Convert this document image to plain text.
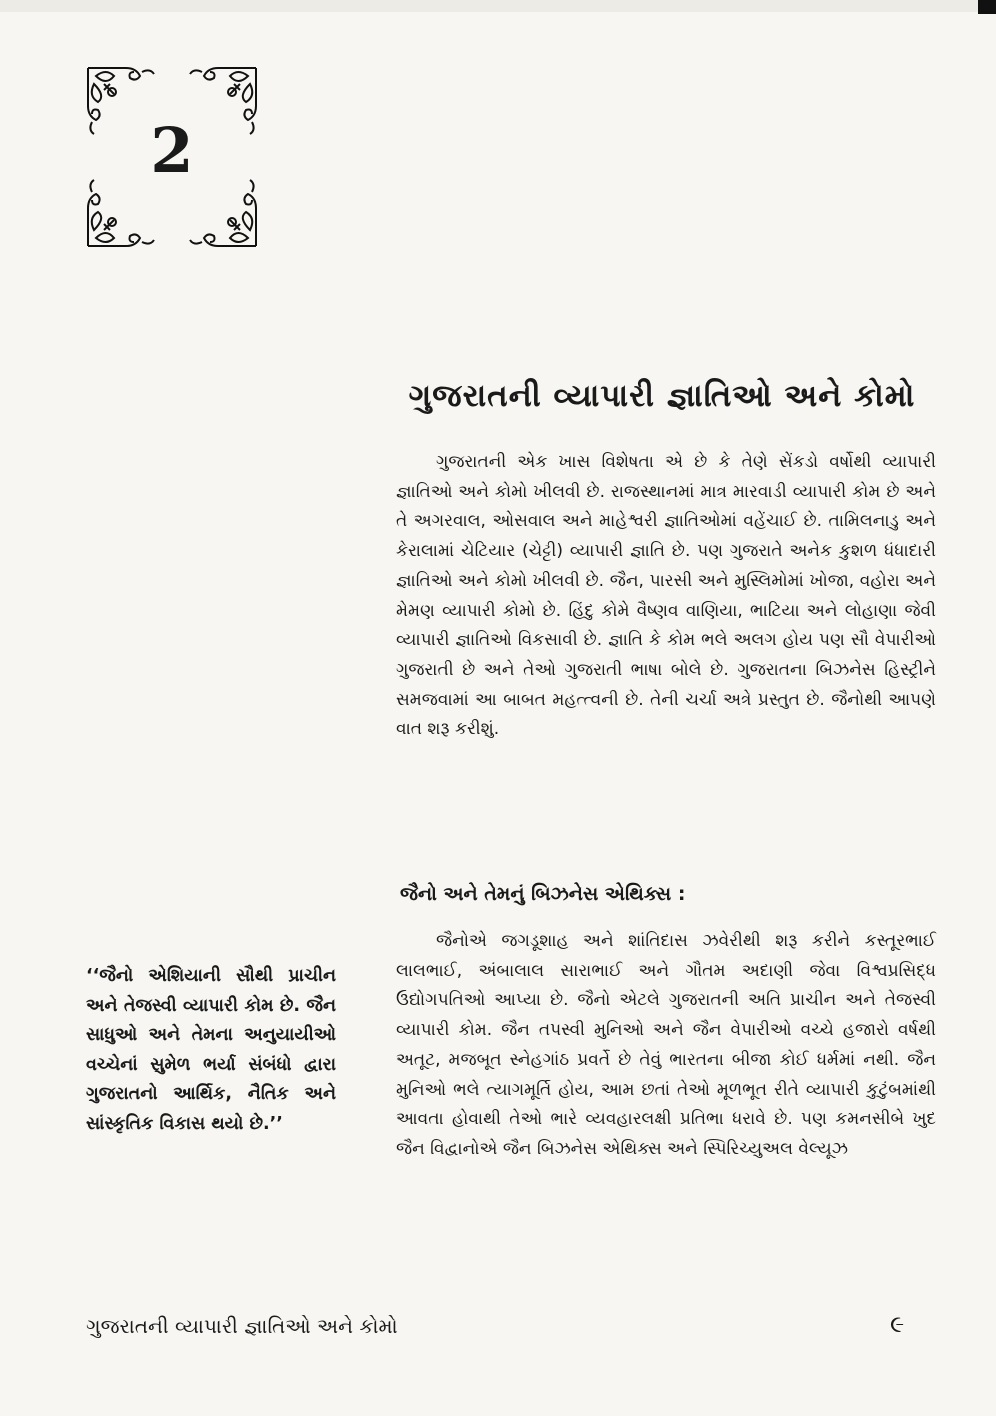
2
ગુજરાતની વ્યાપારી જ્ઞાતિઓ અને કોમો
ગુજરાતની એક ખાસ વિશેષતા એ છે કે તેણે સેંકડો વર્ષોથી વ્યાપારી જ્ઞાતિઓ અને કોમો ખીલવી છે. રાજસ્થાનમાં માત્ર મારવાડી વ્યાપારી કોમ છે અને તે અગરવાલ, ઓસવાલ અને માહેશ્વરી જ્ઞાતિઓમાં વહેંચાઈ છે. તામિલનાડુ અને કેરાલામાં ચેટિયાર (ચેટ્ટી) વ્યાપારી જ્ઞાતિ છે. પણ ગુજરાતે અનેક કુશળ ધંધાદારી જ્ઞાતિઓ અને કોમો ખીલવી છે. જૈન, પારસી અને મુસ્લિમોમાં ખોજા, વહોરા અને મેમણ વ્યાપારી કોમો છે. હિંદુ કોમે વૈષ્ણવ વાણિયા, ભાટિયા અને લોહાણા જેવી વ્યાપારી જ્ઞાતિઓ વિકસાવી છે. જ્ઞાતિ કે કોમ ભલે અલગ હોય પણ સૌ વેપારીઓ ગુજરાતી છે અને તેઓ ગુજરાતી ભાષા બોલે છે. ગુજરાતના બિઝનેસ હિસ્ટ્રીને સમજવામાં આ બાબત મહત્ત્વની છે. તેની ચર્ચા અત્રે પ્રસ્તુત છે. જૈનોથી આપણે વાત શરૂ કરીશું.
જૈનો અને તેમનું બિઝનેસ એથિક્સ :
જૈનોએ જગડૂશાહ અને શાંતિદાસ ઝવેરીથી શરૂ કરીને કસ્તૂરભાઈ લાલભાઈ, અંબાલાલ સારાભાઈ અને ગૌતમ અદાણી જેવા વિશ્વપ્રસિદ્ધ ઉદ્યોગપતિઓ આપ્યા છે. જૈનો એટલે ગુજરાતની અતિ પ્રાચીન અને તેજસ્વી વ્યાપારી કોમ. જૈન તપસ્વી મુનિઓ અને જૈન વેપારીઓ વચ્ચે હજારો વર્ષથી અતૂટ, મજબૂત સ્નેહગાંઠ પ્રવર્તે છે તેવું ભારતના બીજા કોઈ ધર્મમાં નથી. જૈન મુનિઓ ભલે ત્યાગમૂર્તિ હોય, આમ છતાં તેઓ મૂળભૂત રીતે વ્યાપારી કુટુંબમાંથી આવતા હોવાથી તેઓ ભારે વ્યવહારલક્ષી પ્રતિભા ધરાવે છે. પણ કમનસીબે ખુદ જૈન વિદ્વાનોએ જૈન બિઝનેસ એથિક્સ અને સ્પિરિચ્યુઅલ વેલ્યૂઝ
‘‘જૈનો એશિયાની સૌથી પ્રાચીન અને તેજસ્વી વ્યાપારી કોમ છે. જૈન સાધુઓ અને તેમના અનુયાયીઓ વચ્ચેનાં સુમેળ ભર્યા સંબંધો દ્વારા ગુજરાતનો આર્થિક, નૈતિક અને સાંસ્કૃતિક વિકાસ થયો છે.’’
ગુજરાતની વ્યાપારી જ્ઞાતિઓ અને કોમો	૯
